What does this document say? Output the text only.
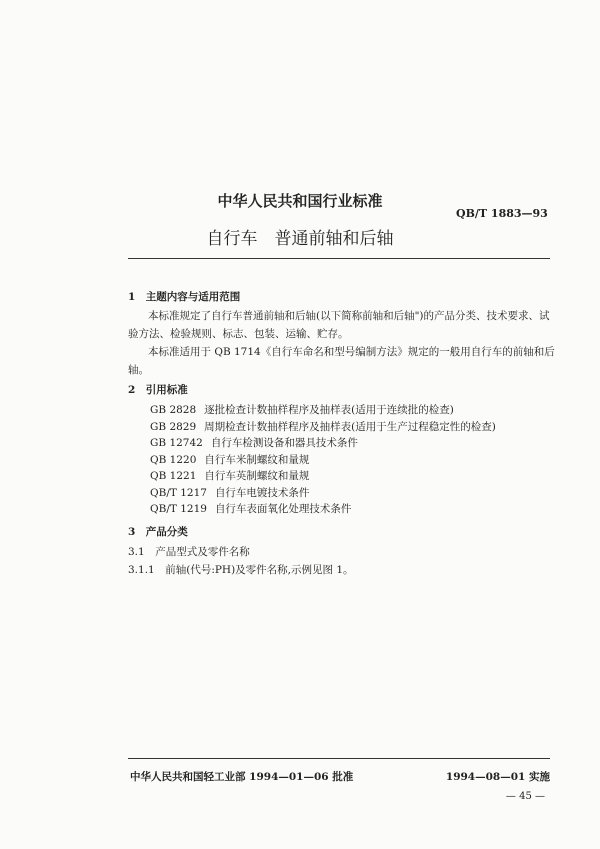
中华人民共和国行业标准
QB/T 1883—93
自行车　普通前轴和后轴
1　主题内容与适用范围
本标准规定了自行车普通前轴和后轴(以下简称前轴和后轴")的产品分类、技术要求、试
验方法、检验规则、标志、包装、运输、贮存。
本标准适用于 QB 1714《自行车命名和型号编制方法》规定的一般用自行车的前轴和后
轴。
2　引用标准
GB 2828 逐批检查计数抽样程序及抽样表(适用于连续批的检查)
GB 2829 周期检查计数抽样程序及抽样表(适用于生产过程稳定性的检查)
GB 12742 自行车检测设备和器具技术条件
QB 1220 自行车米制螺纹和量规
QB 1221 自行车英制螺纹和量规
QB/T 1217 自行车电镀技术条件
QB/T 1219 自行车表面氧化处理技术条件
3　产品分类
3.1　产品型式及零件名称
3.1.1　前轴(代号:PH)及零件名称,示例见图 1。
中华人民共和国轻工业部 1994—01—06 批准	1994—08—01 实施
— 45 —
